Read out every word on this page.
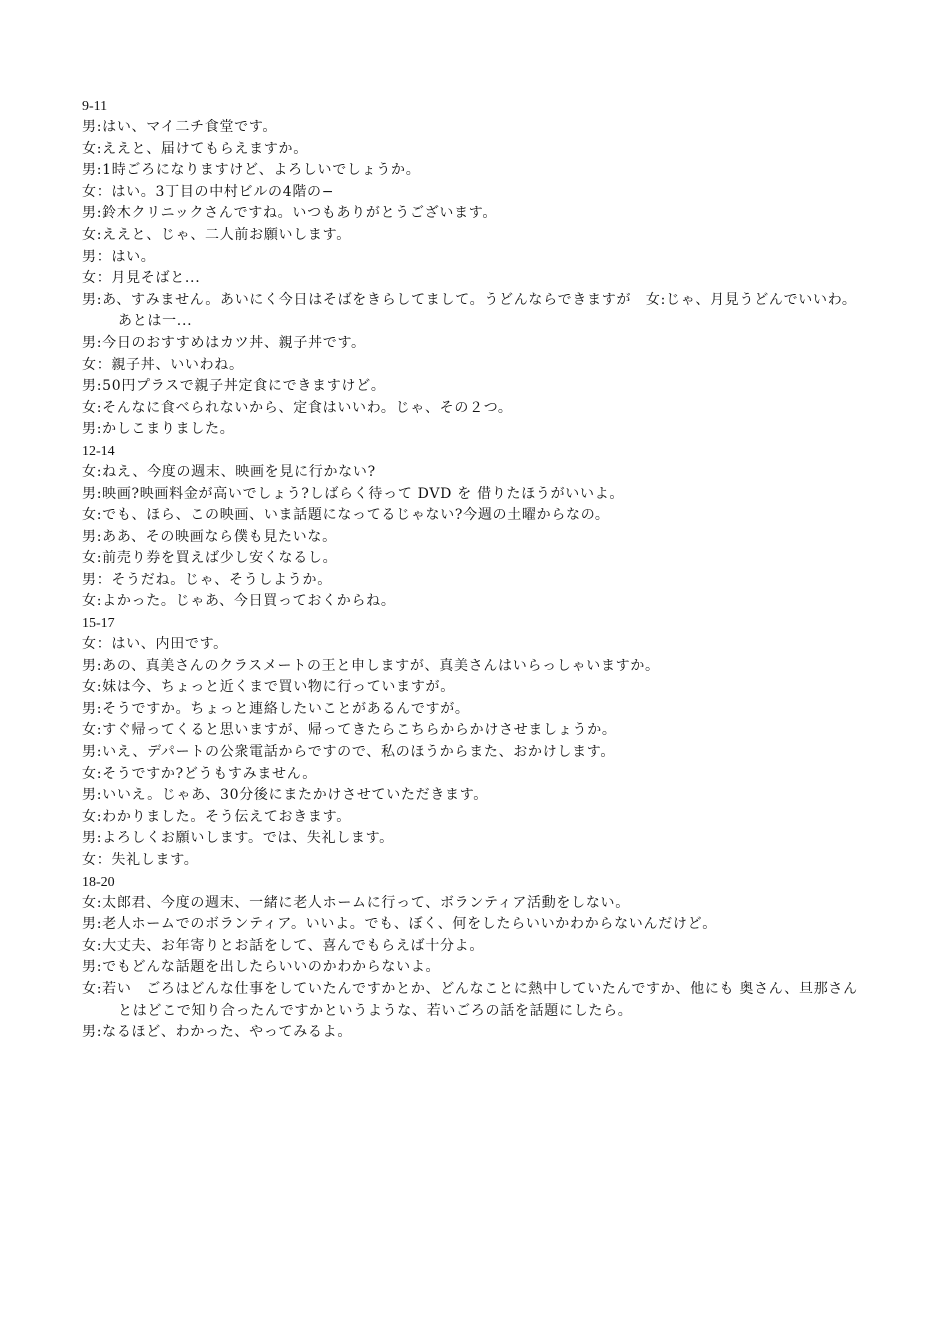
9-11
男:はい、マイ二チ食堂です。
女:ええと、届けてもらえますか。
男:1時ごろになりますけど、よろしいでしょうか。
女：はい。3丁目の中村ビルの4階の−
男:鈴木クリニックさんですね。いつもありがとうございます。
女:ええと、じゃ、二人前お願いします。
男：はい。
女：月見そばと...
男:あ、すみません。あいにく今日はそばをきらしてまして。うどんならできますが　女:じゃ、月見うどんでいいわ。あとは一...
男:今日のおすすめはカツ丼、親子丼です。
女：親子丼、いいわね。
男:50円プラスで親子丼定食にできますけど。
女:そんなに食べられないから、定食はいいわ。じゃ、その２つ。
男:かしこまりました。
12-14
女:ねえ、今度の週末、映画を見に行かない?
男:映画?映画料金が高いでしょう?しばらく待って DVD を 借りたほうがいいよ。
女:でも、ほら、この映画、いま話題になってるじゃない?今週の土曜からなの。
男:ああ、その映画なら僕も見たいな。
女:前売り券を買えば少し安くなるし。
男：そうだね。じゃ、そうしようか。
女:よかった。じゃあ、今日買っておくからね。
15-17
女：はい、内田です。
男:あの、真美さんのクラスメートの王と申しますが、真美さんはいらっしゃいますか。
女:妹は今、ちょっと近くまで買い物に行っていますが。
男:そうですか。ちょっと連絡したいことがあるんですが。
女:すぐ帰ってくると思いますが、帰ってきたらこちらからかけさせましょうか。
男:いえ、デパートの公衆電話からですので、私のほうからまた、おかけします。
女:そうですか?どうもすみません。
男:いいえ。じゃあ、30分後にまたかけさせていただきます。
女:わかりました。そう伝えておきます。
男:よろしくお願いします。では、失礼します。
女：失礼します。
18-20
女:太郎君、今度の週末、一緒に老人ホームに行って、ボランティア活動をしない。
男:老人ホームでのボランティア。いいよ。でも、ぼく、何をしたらいいかわからないんだけど。
女:大丈夫、お年寄りとお話をして、喜んでもらえば十分よ。
男:でもどんな話題を出したらいいのかわからないよ。
女:若い　ごろはどんな仕事をしていたんですかとか、どんなことに熱中していたんですか、他にも 奥さん、旦那さんとはどこで知り合ったんですかというような、若いごろの話を話題にしたら。
男:なるほど、わかった、やってみるよ。
